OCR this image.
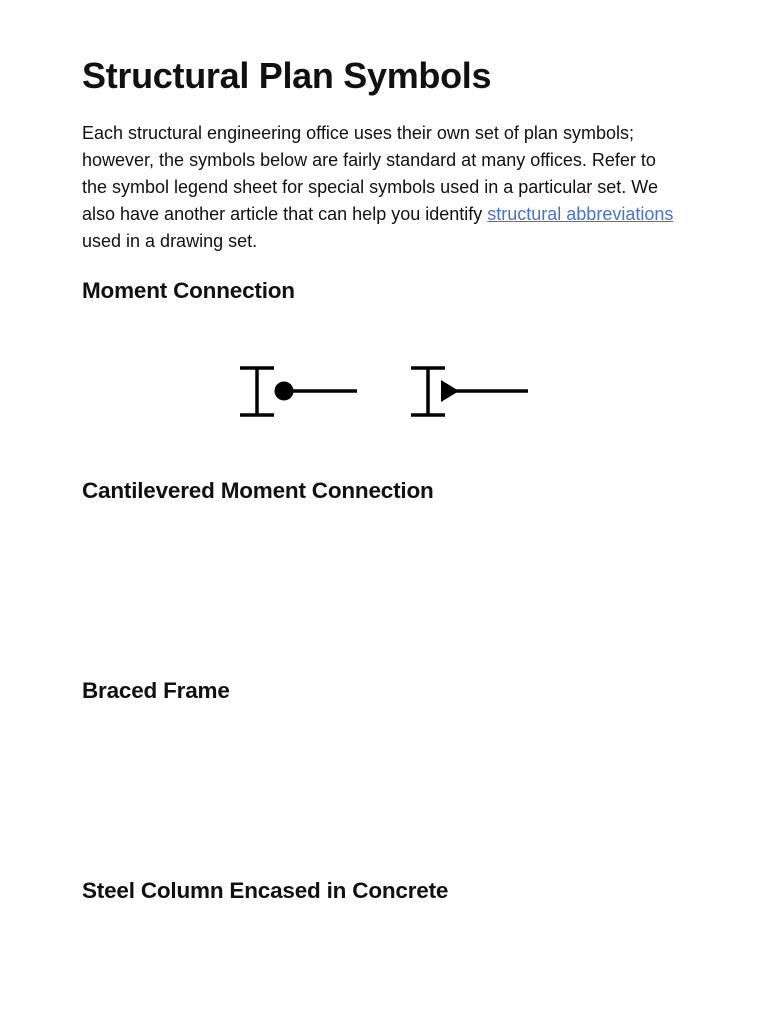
Structural Plan Symbols

Each structural engineering office uses their own set of plan symbols; however, the symbols below are fairly standard at many offices. Refer to the symbol legend sheet for special symbols used in a particular set. We also have another article that can help you identify structural abbreviations used in a drawing set.

Moment Connection
Cantilevered Moment Connection
Braced Frame
Steel Column Encased in Concrete
